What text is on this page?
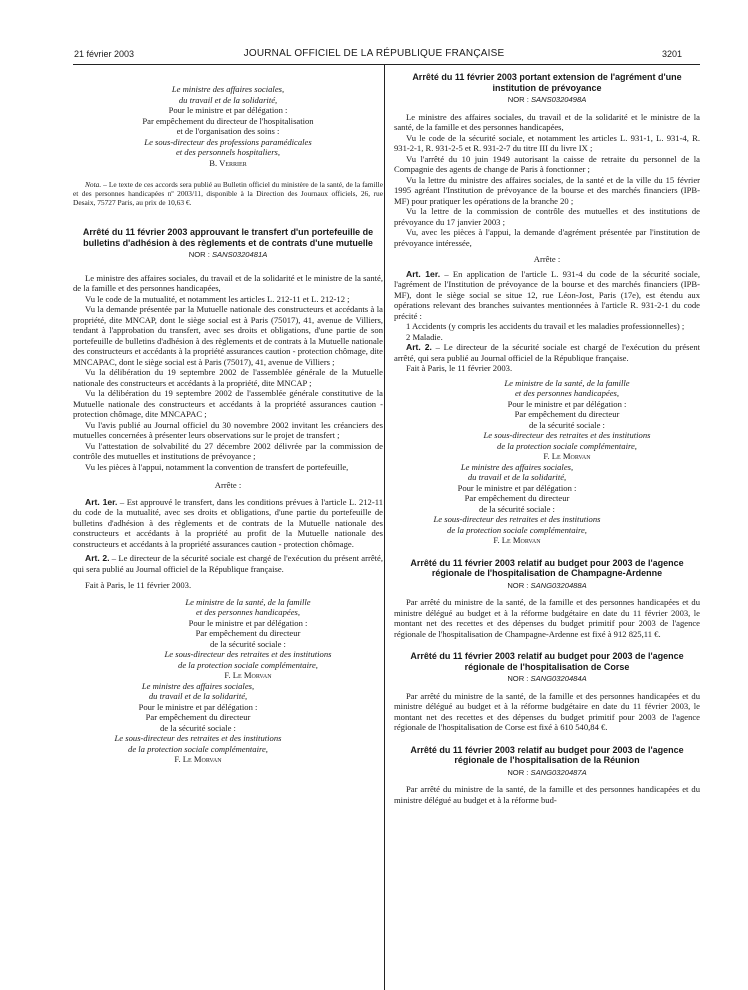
21 février 2003	JOURNAL OFFICIEL DE LA RÉPUBLIQUE FRANÇAISE	3201
Le ministre des affaires sociales,
du travail et de la solidarité,
Pour le ministre et par délégation :
Par empêchement du directeur de l'hospitalisation
et de l'organisation des soins :
Le sous-directeur des professions paramédicales
et des personnels hospitaliers,
B. Verrier

Nota. – Le texte de ces accords sera publié au Bulletin officiel du ministère de la santé, de la famille et des personnes handicapées nº 2003/11, disponible à la Direction des Journaux officiels, 26, rue Desaix, 75727 Paris, au prix de 10,63 €.

Arrêté du 11 février 2003 approuvant le transfert d'un portefeuille de bulletins d'adhésion à des règlements et de contrats d'une mutuelle
NOR : SANS0320481A

Le ministre des affaires sociales, du travail et de la solidarité et le ministre de la santé, de la famille et des personnes handicapées,

Vu le code de la mutualité, et notamment les articles L. 212-11 et L. 212-12 ;

Vu la demande présentée par la Mutuelle nationale des constructeurs et accédants à la propriété, dite MNCAP, dont le siège social est à Paris (75017), 41, avenue de Villiers, tendant à l'approbation du transfert, avec ses droits et obligations, d'une partie de son portefeuille de bulletins d'adhésion à des règlements et de contrats à la Mutuelle nationale des constructeurs et accédants à la propriété assurances caution - protection chômage, dite MNCAPAC, dont le siège social est à Paris (75017), 41, avenue de Villiers ;

Vu la délibération du 19 septembre 2002 de l'assemblée générale de la Mutuelle nationale des constructeurs et accédants à la propriété, dite MNCAP ;

Vu la délibération du 19 septembre 2002 de l'assemblée générale constitutive de la Mutuelle nationale des constructeurs et accédants à la propriété assurances caution - protection chômage, dite MNCAPAC ;

Vu l'avis publié au Journal officiel du 30 novembre 2002 invitant les créanciers des mutuelles concernées à présenter leurs observations sur le projet de transfert ;

Vu l'attestation de solvabilité du 27 décembre 2002 délivrée par la commission de contrôle des mutuelles et institutions de prévoyance ;

Vu les pièces à l'appui, notamment la convention de transfert de portefeuille,

Arrête :

Art. 1er. – Est approuvé le transfert, dans les conditions prévues à l'article L. 212-11 du code de la mutualité, avec ses droits et obligations, d'une partie du portefeuille de bulletins d'adhésion à des règlements et de contrats de la Mutuelle nationale des constructeurs et accédants à la propriété au profit de la Mutuelle nationale des constructeurs et accédants à la propriété assurances caution - protection chômage.

Art. 2. – Le directeur de la sécurité sociale est chargé de l'exécution du présent arrêté, qui sera publié au Journal officiel de la République française.

Fait à Paris, le 11 février 2003.

Le ministre de la santé, de la famille
et des personnes handicapées,
Pour le ministre et par délégation :
Par empêchement du directeur
de la sécurité sociale :
Le sous-directeur des retraites et des institutions
de la protection sociale complémentaire,
F. Le Morvan
Le ministre des affaires sociales,
du travail et de la solidarité,
Pour le ministre et par délégation :
Par empêchement du directeur
de la sécurité sociale :
Le sous-directeur des retraites et des institutions
de la protection sociale complémentaire,
F. Le Morvan
Arrêté du 11 février 2003 portant extension de l'agrément d'une institution de prévoyance
NOR : SANS0320498A

Le ministre des affaires sociales, du travail et de la solidarité et le ministre de la santé, de la famille et des personnes handicapées,

Vu le code de la sécurité sociale, et notamment les articles L. 931-1, L. 931-4, R. 931-2-1, R. 931-2-5 et R. 931-2-7 du titre III du livre IX ;

Vu l'arrêté du 10 juin 1949 autorisant la caisse de retraite du personnel de la Compagnie des agents de change de Paris à fonctionner ;

Vu la lettre du ministre des affaires sociales, de la santé et de la ville du 15 février 1995 agréant l'Institution de prévoyance de la bourse et des marchés financiers (IPB-MF) pour pratiquer les opérations de la branche 20 ;

Vu la lettre de la commission de contrôle des mutuelles et des institutions de prévoyance du 17 janvier 2003 ;

Vu, avec les pièces à l'appui, la demande d'agrément présentée par l'institution de prévoyance intéressée,

Arrête :

Art. 1er. – En application de l'article L. 931-4 du code de la sécurité sociale, l'agrément de l'Institution de prévoyance de la bourse et des marchés financiers (IPB-MF), dont le siège social se situe 12, rue Léon-Jost, Paris (17e), est étendu aux opérations relevant des branches suivantes mentionnées à l'article R. 931-2-1 du code précité :

1 Accidents (y compris les accidents du travail et les maladies professionnelles) ;

2 Maladie.

Art. 2. – Le directeur de la sécurité sociale est chargé de l'exécution du présent arrêté, qui sera publié au Journal officiel de la République française.

Fait à Paris, le 11 février 2003.

Le ministre de la santé, de la famille
et des personnes handicapées,
Pour le ministre et par délégation :
Par empêchement du directeur
de la sécurité sociale :
Le sous-directeur des retraites et des institutions
de la protection sociale complémentaire,
F. Le Morvan
Le ministre des affaires sociales,
du travail et de la solidarité,
Pour le ministre et par délégation :
Par empêchement du directeur
de la sécurité sociale :
Le sous-directeur des retraites et des institutions
de la protection sociale complémentaire,
F. Le Morvan
Arrêté du 11 février 2003 relatif au budget pour 2003 de l'agence régionale de l'hospitalisation de Champagne-Ardenne
NOR : SANG0320488A

Par arrêté du ministre de la santé, de la famille et des personnes handicapées et du ministre délégué au budget et à la réforme budgétaire en date du 11 février 2003, le montant net des recettes et des dépenses du budget primitif pour 2003 de l'agence régionale de l'hospitalisation de Champagne-Ardenne est fixé à 912 825,11 €.

Arrêté du 11 février 2003 relatif au budget pour 2003 de l'agence régionale de l'hospitalisation de Corse
NOR : SANG0320484A

Par arrêté du ministre de la santé, de la famille et des personnes handicapées et du ministre délégué au budget et à la réforme budgétaire en date du 11 février 2003, le montant net des recettes et des dépenses du budget primitif pour 2003 de l'agence régionale de l'hospitalisation de Corse est fixé à 610 540,84 €.

Arrêté du 11 février 2003 relatif au budget pour 2003 de l'agence régionale de l'hospitalisation de la Réunion
NOR : SANG0320487A

Par arrêté du ministre de la santé, de la famille et des personnes handicapées et du ministre délégué au budget et à la réforme bud-
